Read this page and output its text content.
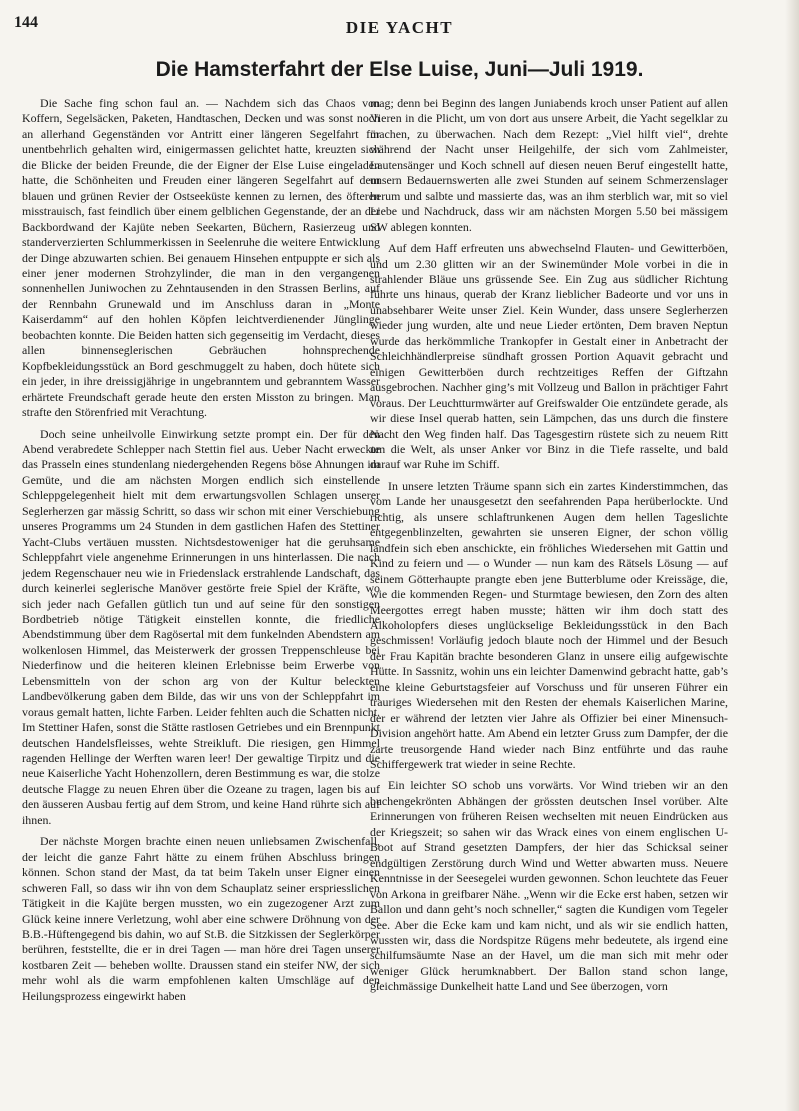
144	DIE YACHT
Die Hamsterfahrt der Else Luise, Juni—Juli 1919.

Die Sache fing schon faul an. — Nachdem sich das Chaos von Koffern, Segelsäcken, Paketen, Handtaschen, Decken und was sonst noch an allerhand Gegenständen vor Antritt einer längeren Segelfahrt für unentbehrlich gehalten wird, einigermassen gelichtet hatte, kreuzten sich die Blicke der beiden Freunde, die der Eigner der Else Luise eingeladen hatte, die Schönheiten und Freuden einer längeren Segelfahrt auf dem blauen und grünen Revier der Ostseeküste kennen zu lernen, des öfteren misstrauisch, fast feindlich über einem gelblichen Gegenstande, der an der Backbordwand der Kajüte neben Seekarten, Büchern, Rasierzeug und standerverzierten Schlummerkissen in Seelenruhe die weitere Entwicklung der Dinge abzuwarten schien. Bei genauem Hinsehen entpuppte er sich als einer jener modernen Strohzylinder, die man in den vergangenen sonnenhellen Juniwochen zu Zehntausenden in den Strassen Berlins, auf der Rennbahn Grunewald und im Anschluss daran in „Monte Kaiserdamm“ auf den hohlen Köpfen leichtverdienender Jünglinge beobachten konnte. Die Beiden hatten sich gegenseitig im Verdacht, dieses allen binnenseglerischen Gebräuchen hohnsprechende Kopfbekleidungsstück an Bord geschmuggelt zu haben, doch hütete sich ein jeder, in ihre dreissigjährige in ungebranntem und gebranntem Wasser erhärtete Freundschaft gerade heute den ersten Misston zu bringen. Man strafte den Störenfried mit Verachtung.

Doch seine unheilvolle Einwirkung setzte prompt ein. Der für den Abend verabredete Schlepper nach Stettin fiel aus. Ueber Nacht erweckte das Prasseln eines stundenlang niedergehenden Regens böse Ahnungen im Gemüte, und die am nächsten Morgen endlich sich einstellende Schleppgelegenheit hielt mit dem erwartungsvollen Schlagen unserer Seglerherzen gar mässig Schritt, so dass wir schon mit einer Verschiebung unseres Programms um 24 Stunden in dem gastlichen Hafen des Stettiner Yacht-Clubs vertäuen mussten. Nichtsdestoweniger hat die geruhsame Schleppfahrt viele angenehme Erinnerungen in uns hinterlassen. Die nach jedem Regenschauer neu wie in Friedenslack erstrahlende Landschaft, das durch keinerlei seglerische Manöver gestörte freie Spiel der Kräfte, wo sich jeder nach Gefallen gütlich tun und auf seine für den sonstigen Bordbetrieb nötige Tätigkeit einstellen konnte, die friedliche Abendstimmung über dem Ragösertal mit dem funkelnden Abendstern am wolkenlosen Himmel, das Meisterwerk der grossen Treppenschleuse bei Niederfinow und die heiteren kleinen Erlebnisse beim Erwerbe von Lebensmitteln von der schon arg von der Kultur beleckten Landbevölkerung gaben dem Bilde, das wir uns von der Schleppfahrt im voraus gemalt hatten, lichte Farben. Leider fehlten auch die Schatten nicht. Im Stettiner Hafen, sonst die Stätte rastlosen Getriebes und ein Brennpunkt deutschen Handelsfleisses, wehte Streikluft. Die riesigen, gen Himmel ragenden Hellinge der Werften waren leer! Der gewaltige Tirpitz und die neue Kaiserliche Yacht Hohenzollern, deren Bestimmung es war, die stolze deutsche Flagge zu neuen Ehren über die Ozeane zu tragen, lagen bis auf den äusseren Ausbau fertig auf dem Strom, und keine Hand rührte sich auf ihnen.

Der nächste Morgen brachte einen neuen unliebsamen Zwischenfall, der leicht die ganze Fahrt hätte zu einem frühen Abschluss bringen können. Schon stand der Mast, da tat beim Takeln unser Eigner einen schweren Fall, so dass wir ihn von dem Schauplatz seiner erspriesslichen Tätigkeit in die Kajüte bergen mussten, wo ein zugezogener Arzt zum Glück keine innere Verletzung, wohl aber eine schwere Dröhnung von der B.B.-Hüftengegend bis dahin, wo auf St.B. die Sitzkissen der Seglerkörper berühren, feststellte, die er in drei Tagen — man höre drei Tagen unserer kostbaren Zeit — beheben wollte. Draussen stand ein steifer NW, der sich mehr wohl als die warm empfohlenen kalten Umschläge auf den Heilungsprozess eingewirkt haben

mag; denn bei Beginn des langen Juniabends kroch unser Patient auf allen Vieren in die Plicht, um von dort aus unsere Arbeit, die Yacht segelklar zu machen, zu überwachen. Nach dem Rezept: „Viel hilft viel“, drehte während der Nacht unser Heilgehilfe, der sich vom Zahlmeister, Lautensänger und Koch schnell auf diesen neuen Beruf eingestellt hatte, unsern Bedauernswerten alle zwei Stunden auf seinem Schmerzenslager herum und salbte und massierte das, was an ihm sterblich war, mit so viel Liebe und Nachdruck, dass wir am nächsten Morgen 5.50 bei mässigem SW ablegen konnten.

Auf dem Haff erfreuten uns abwechselnd Flauten- und Gewitterböen, und um 2.30 glitten wir an der Swinemünder Mole vorbei in die in strahlender Bläue uns grüssende See. Ein Zug aus südlicher Richtung führte uns hinaus, querab der Kranz lieblicher Badeorte und vor uns in unabsehbarer Weite unser Ziel. Kein Wunder, dass unsere Seglerherzen wieder jung wurden, alte und neue Lieder ertönten, Dem braven Neptun wurde das herkömmliche Trankopfer in Gestalt einer in Anbetracht der Schleichhändlerpreise sündhaft grossen Portion Aquavit gebracht und einigen Gewitterböen durch rechtzeitiges Reffen der Giftzahn ausgebrochen. Nachher ging’s mit Vollzeug und Ballon in prächtiger Fahrt voraus. Der Leuchtturmwärter auf Greifswalder Oie entzündete gerade, als wir diese Insel querab hatten, sein Lämpchen, das uns durch die finstere Nacht den Weg finden half. Das Tagesgestirn rüstete sich zu neuem Ritt um die Welt, als unser Anker vor Binz in die Tiefe rasselte, und bald darauf war Ruhe im Schiff.

In unsere letzten Träume spann sich ein zartes Kinderstimmchen, das vom Lande her unausgesetzt den seefahrenden Papa herüberlockte. Und richtig, als unsere schlaftrunkenen Augen dem hellen Tageslichte entgegenblinzelten, gewahrten sie unseren Eigner, der schon völlig landfein sich eben anschickte, ein fröhliches Wiedersehen mit Gattin und Kind zu feiern und — o Wunder — nun kam des Rätsels Lösung — auf seinem Götterhaupte prangte eben jene Butterblume oder Kreissäge, die, wie die kommenden Regen- und Sturmtage bewiesen, den Zorn des alten Meergottes erregt haben musste; hätten wir ihm doch statt des Alkoholopfers dieses unglückselige Bekleidungsstück in den Bach geschmissen! Vorläufig jedoch blaute noch der Himmel und der Besuch der Frau Kapitän brachte besonderen Glanz in unsere eilig aufgewischte Hütte. In Sassnitz, wohin uns ein leichter Damenwind gebracht hatte, gab’s eine kleine Geburtstagsfeier auf Vorschuss und für unseren Führer ein trauriges Wiedersehen mit den Resten der ehemals Kaiserlichen Marine, der er während der letzten vier Jahre als Offizier bei einer Minensuch-Division angehört hatte. Am Abend ein letzter Gruss zum Dampfer, der die zarte treusorgende Hand wieder nach Binz entführte und das rauhe Schiffergewerk trat wieder in seine Rechte.

Ein leichter SO schob uns vorwärts. Vor Wind trieben wir an den buchengekrönten Abhängen der grössten deutschen Insel vorüber. Alte Erinnerungen von früheren Reisen wechselten mit neuen Eindrücken aus der Kriegszeit; so sahen wir das Wrack eines von einem englischen U-Boot auf Strand gesetzten Dampfers, der hier das Schicksal seiner endgültigen Zerstörung durch Wind und Wetter abwarten muss. Neuere Kenntnisse in der Seesegelei wurden gewonnen. Schon leuchtete das Feuer von Arkona in greifbarer Nähe. „Wenn wir die Ecke erst haben, setzen wir Ballon und dann geht’s noch schneller,“ sagten die Kundigen vom Tegeler See. Aber die Ecke kam und kam nicht, und als wir sie endlich hatten, wussten wir, dass die Nordspitze Rügens mehr bedeutete, als irgend eine schilfumsäumte Nase an der Havel, um die man sich mit mehr oder weniger Glück herumknabbert. Der Ballon stand schon lange, gleichmässige Dunkelheit hatte Land und See überzogen, vorn
